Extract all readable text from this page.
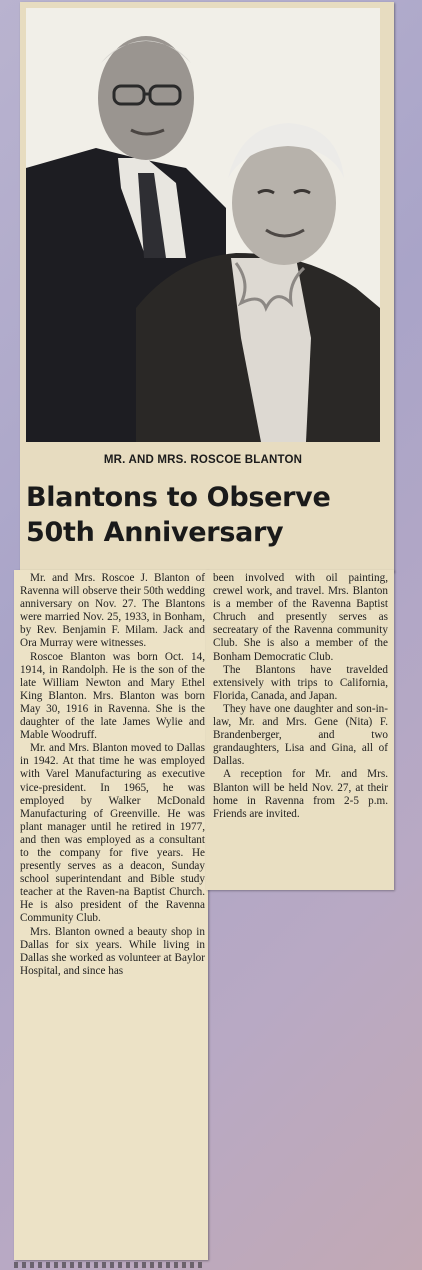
MR. AND MRS. ROSCOE BLANTON
Blantons to Observe
50th Anniversary

Mr. and Mrs. Roscoe J. Blanton of Ravenna will observe their 50th wedding anniversary on Nov. 27. The Blantons were married Nov. 25, 1933, in Bonham, by Rev. Benjamin F. Milam. Jack and Ora Murray were witnesses.

Roscoe Blanton was born Oct. 14, 1914, in Randolph. He is the son of the late William Newton and Mary Ethel King Blanton. Mrs. Blanton was born May 30, 1916 in Ravenna. She is the daughter of the late James Wylie and Mable Woodruff.

Mr. and Mrs. Blanton moved to Dallas in 1942. At that time he was employed with Varel Manufacturing as executive vice-president. In 1965, he was employed by Walker McDonald Manufacturing of Greenville. He was plant manager until he retired in 1977, and then was employed as a consultant to the company for five years. He presently serves as a deacon, Sunday school superintendant and Bible study teacher at the Raven-na Baptist Church. He is also president of the Ravenna Community Club.

Mrs. Blanton owned a beauty shop in Dallas for six years. While living in Dallas she worked as volunteer at Baylor Hospital, and since has

been involved with oil painting, crewel work, and travel. Mrs. Blanton is a member of the Ravenna Baptist Chruch and presently serves as secreatary of the Ravenna community Club. She is also a member of the Bonham Democratic Club.

The Blantons have travelded extensively with trips to California, Florida, Canada, and Japan.

They have one daughter and son-in-law, Mr. and Mrs. Gene (Nita) F. Brandenberger, and two grandaughters, Lisa and Gina, all of Dallas.

A reception for Mr. and Mrs. Blanton will be held Nov. 27, at their home in Ravenna from 2-5 p.m. Friends are invited.
